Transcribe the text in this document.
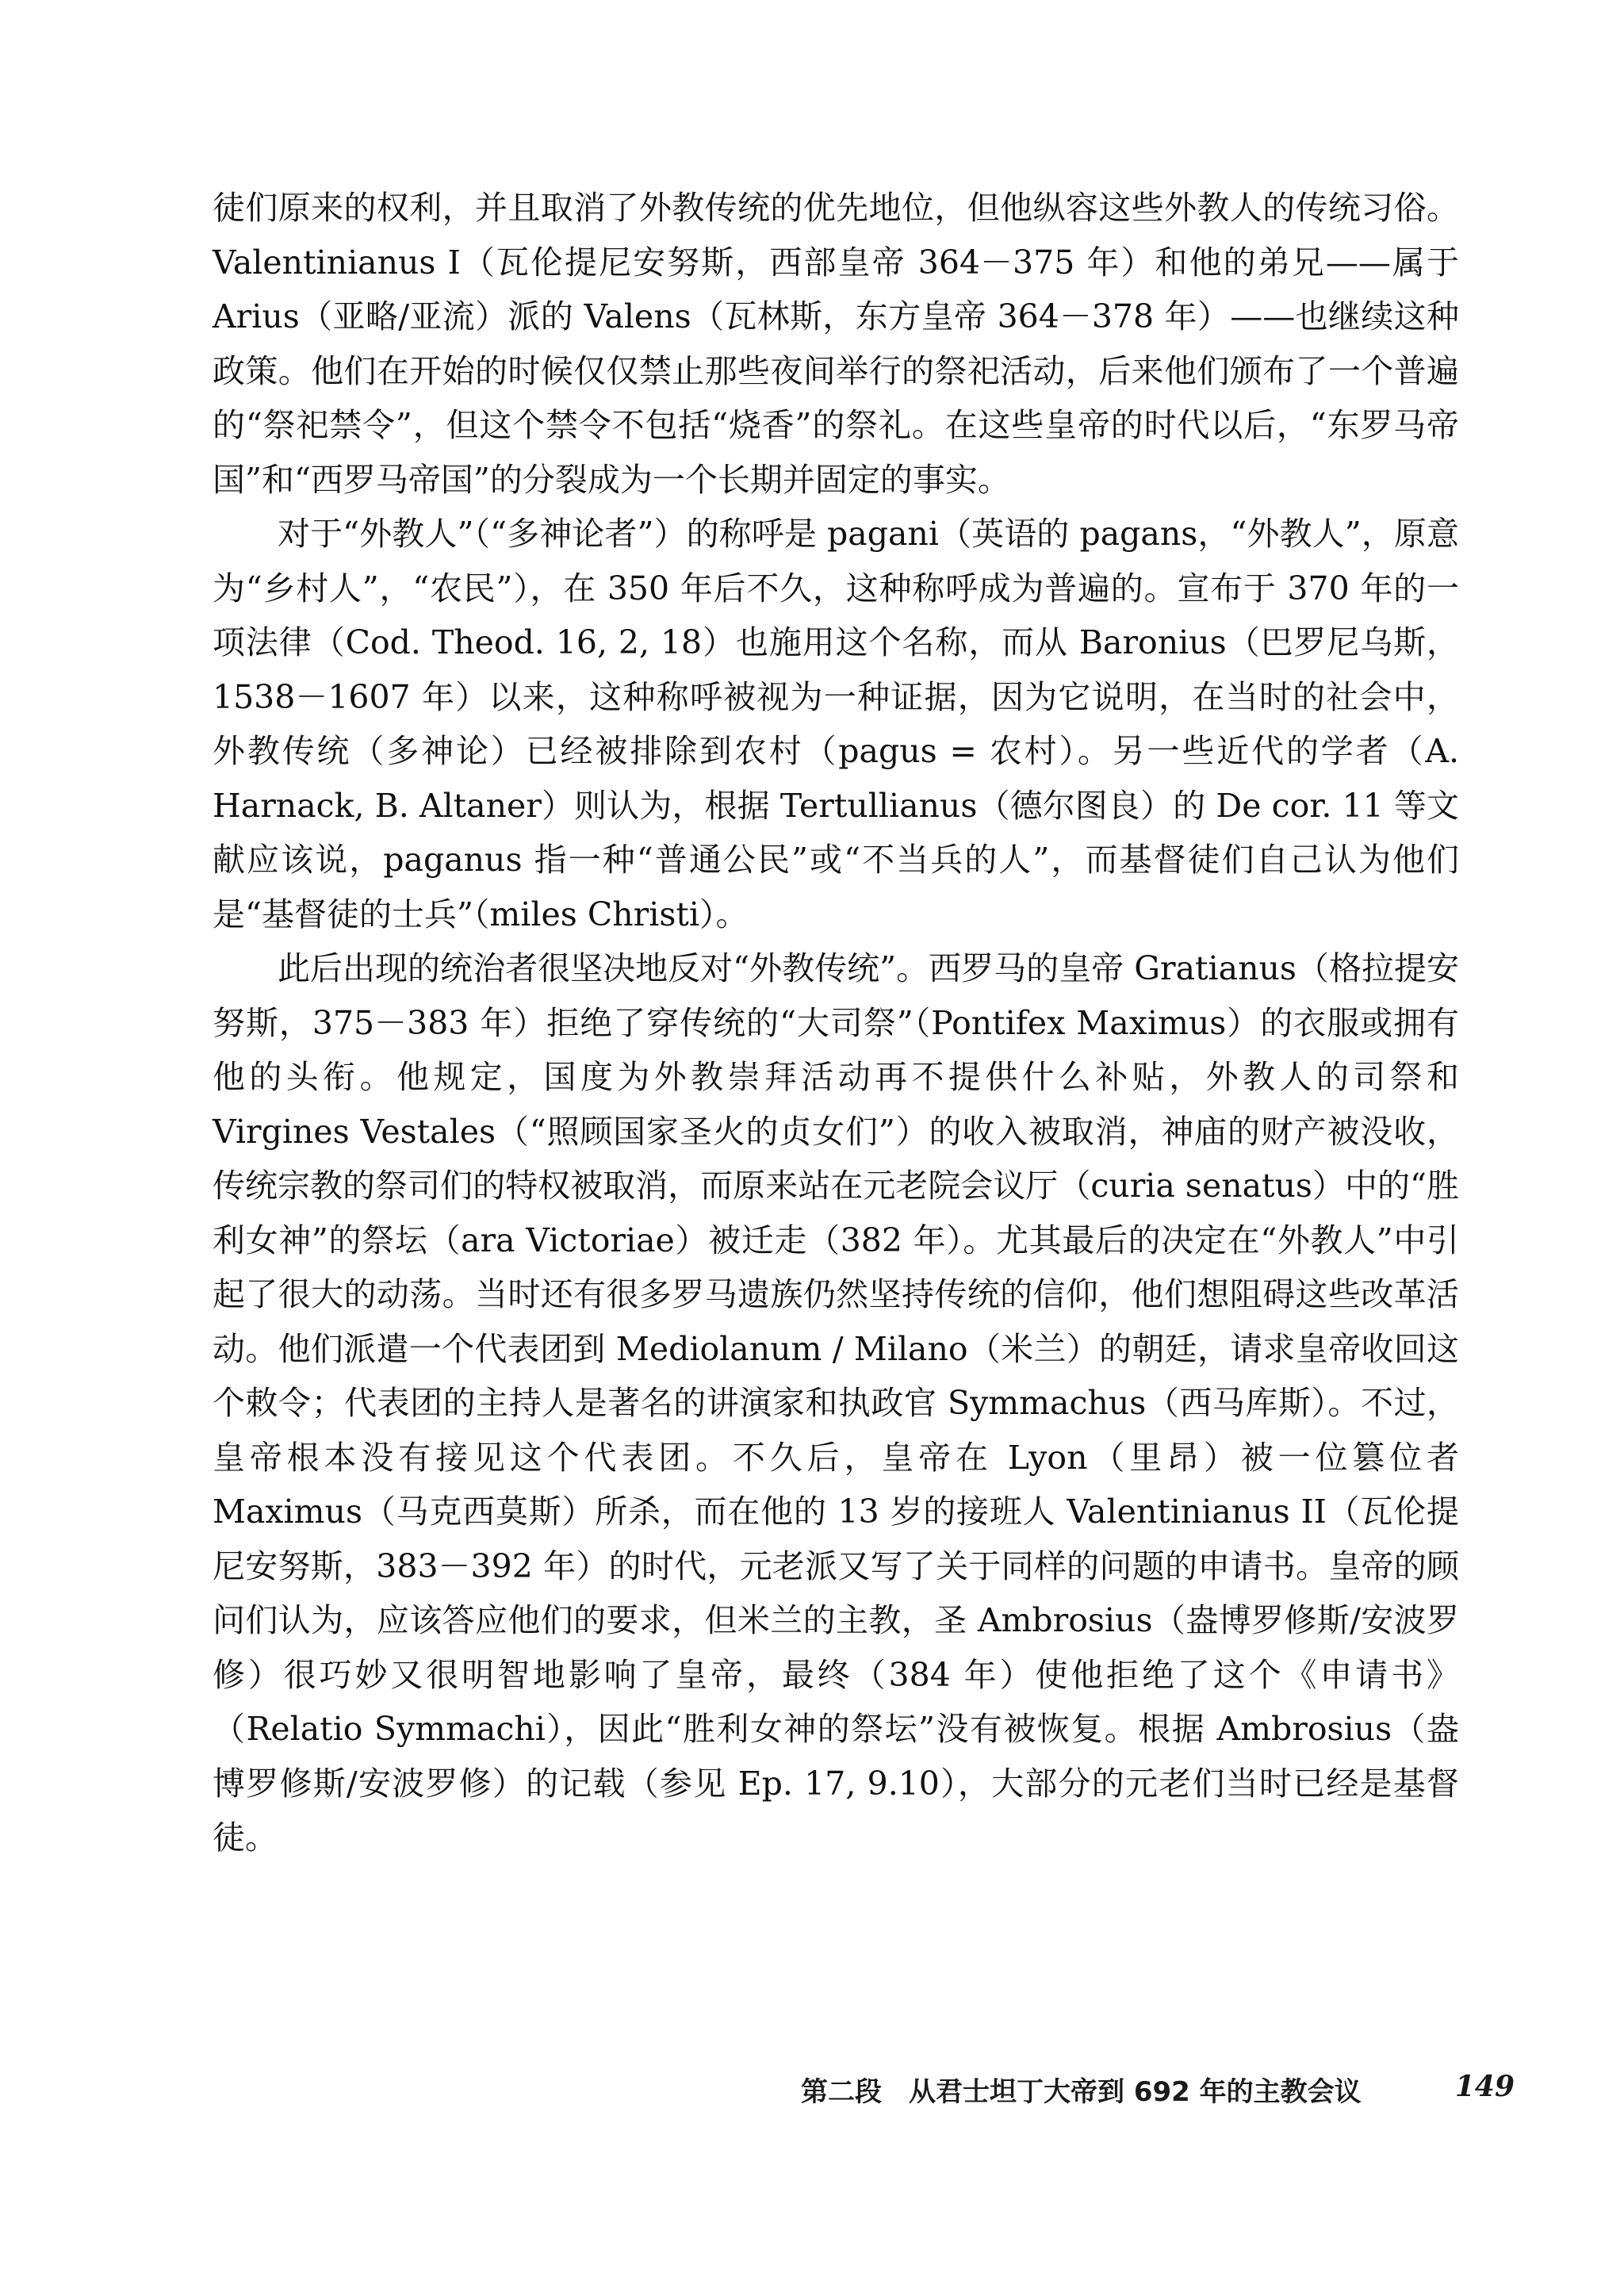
徒们原来的权利，并且取消了外教传统的优先地位，但他纵容这些外教人的传统习俗。Valentinianus I（瓦伦提尼安努斯，西部皇帝 364－375 年）和他的弟兄——属于 Arius（亚略/亚流）派的 Valens（瓦林斯，东方皇帝 364－378 年）——也继续这种政策。他们在开始的时候仅仅禁止那些夜间举行的祭祀活动，后来他们颁布了一个普遍的“祭祀禁令”，但这个禁令不包括“烧香”的祭礼。在这些皇帝的时代以后，“东罗马帝国”和“西罗马帝国”的分裂成为一个长期并固定的事实。

对于“外教人”（“多神论者”）的称呼是 pagani（英语的 pagans，“外教人”，原意为“乡村人”，“农民”），在 350 年后不久，这种称呼成为普遍的。宣布于 370 年的一项法律（Cod. Theod. 16, 2, 18）也施用这个名称，而从 Baronius（巴罗尼乌斯，1538－1607 年）以来，这种称呼被视为一种证据，因为它说明，在当时的社会中，外教传统（多神论）已经被排除到农村（pagus = 农村）。另一些近代的学者（A. Harnack, B. Altaner）则认为，根据 Tertullianus（德尔图良）的 De cor. 11 等文献应该说，paganus 指一种“普通公民”或“不当兵的人”，而基督徒们自己认为他们是“基督徒的士兵”（miles Christi）。

此后出现的统治者很坚决地反对“外教传统”。西罗马的皇帝 Gratianus（格拉提安努斯，375－383 年）拒绝了穿传统的“大司祭”（Pontifex Maximus）的衣服或拥有他的头衔。他规定，国度为外教崇拜活动再不提供什么补贴，外教人的司祭和 Virgines Vestales（“照顾国家圣火的贞女们”）的收入被取消，神庙的财产被没收，传统宗教的祭司们的特权被取消，而原来站在元老院会议厅（curia senatus）中的“胜利女神”的祭坛（ara Victoriae）被迁走（382 年）。尤其最后的决定在“外教人”中引起了很大的动荡。当时还有很多罗马遗族仍然坚持传统的信仰，他们想阻碍这些改革活动。他们派遣一个代表团到 Mediolanum / Milano（米兰）的朝廷，请求皇帝收回这个敕令；代表团的主持人是著名的讲演家和执政官 Symmachus（西马库斯）。不过，皇帝根本没有接见这个代表团。不久后，皇帝在 Lyon（里昂）被一位篡位者 Maximus（马克西莫斯）所杀，而在他的 13 岁的接班人 Valentinianus II（瓦伦提尼安努斯，383－392 年）的时代，元老派又写了关于同样的问题的申请书。皇帝的顾问们认为，应该答应他们的要求，但米兰的主教，圣 Ambrosius（盎博罗修斯/安波罗修）很巧妙又很明智地影响了皇帝，最终（384 年）使他拒绝了这个《申请书》（Relatio Symmachi），因此“胜利女神的祭坛”没有被恢复。根据 Ambrosius（盎博罗修斯/安波罗修）的记载（参见 Ep. 17, 9.10），大部分的元老们当时已经是基督徒。

第二段　从君士坦丁大帝到 692 年的主教会议	149
